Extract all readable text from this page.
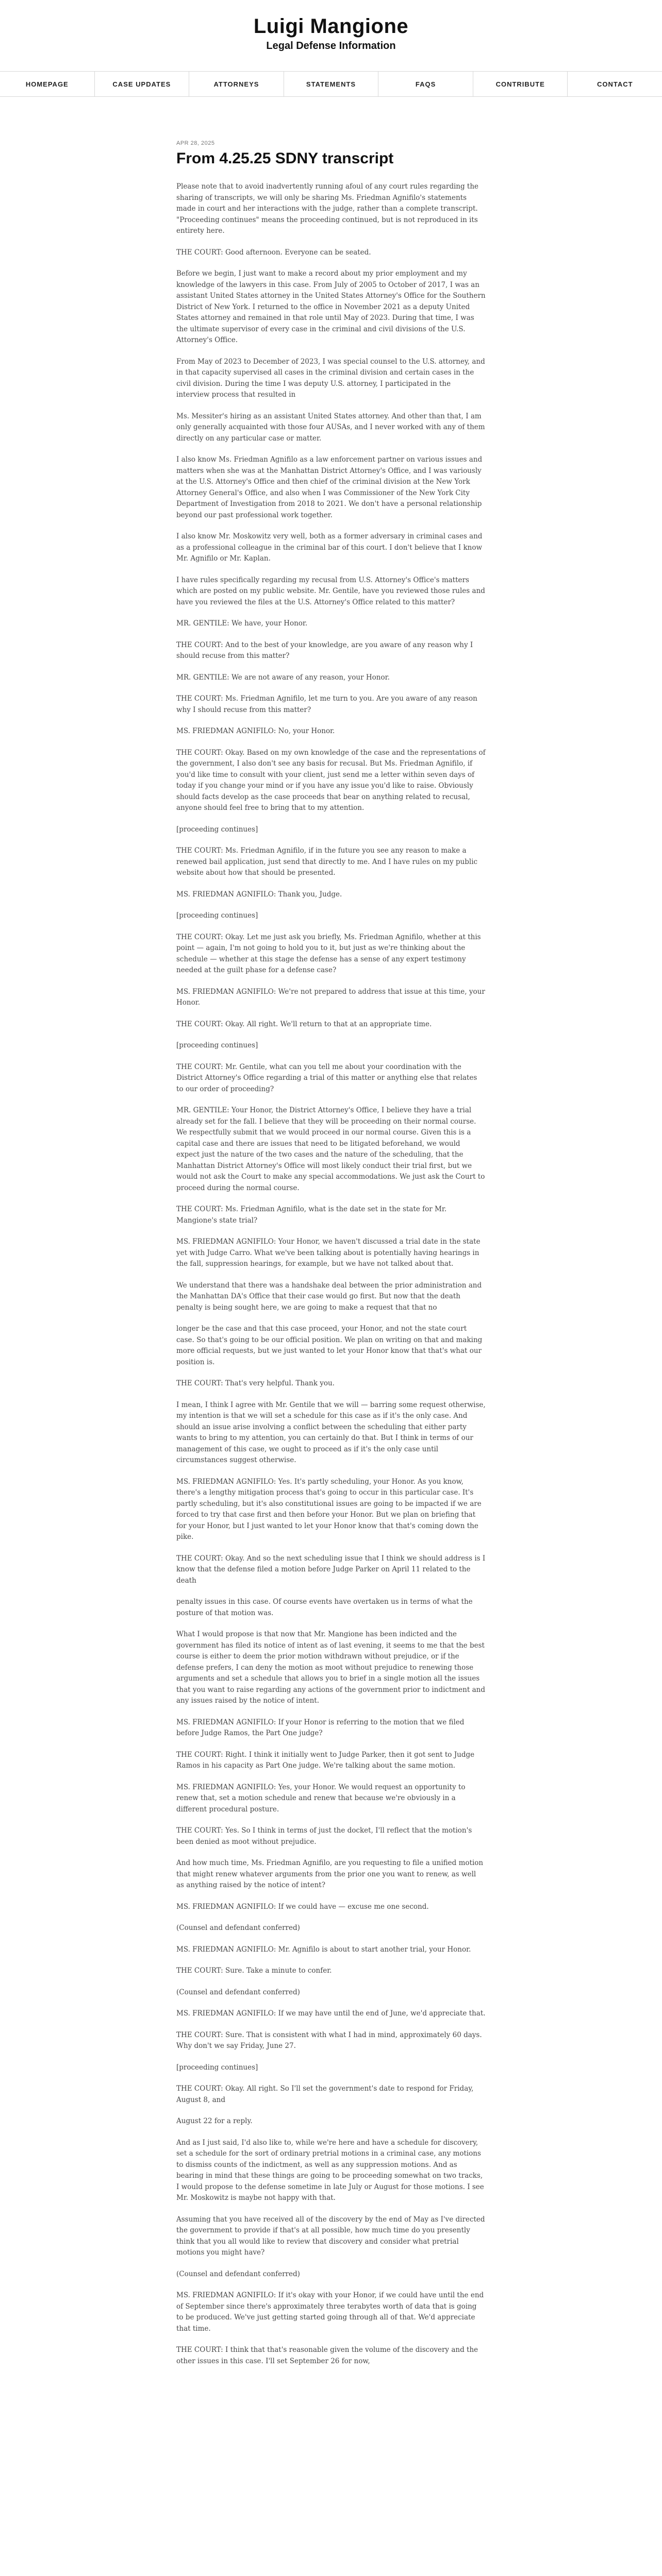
Luigi Mangione
Legal Defense Information
HOMEPAGE	CASE UPDATES	ATTORNEYS	STATEMENTS	FAQS	CONTRIBUTE	CONTACT
APR 28, 2025
From 4.25.25 SDNY transcript

Please note that to avoid inadvertently running afoul of any court rules regarding the sharing of transcripts, we will only be sharing Ms. Friedman Agnifilo's statements made in court and her interactions with the judge, rather than a complete transcript. "Proceeding continues" means the proceeding continued, but is not reproduced in its entirety here.

THE COURT: Good afternoon. Everyone can be seated.

Before we begin, I just want to make a record about my prior employment and my knowledge of the lawyers in this case. From July of 2005 to October of 2017, I was an assistant United States attorney in the United States Attorney's Office for the Southern District of New York. I returned to the office in November 2021 as a deputy United States attorney and remained in that role until May of 2023. During that time, I was the ultimate supervisor of every case in the criminal and civil divisions of the U.S. Attorney's Office.

From May of 2023 to December of 2023, I was special counsel to the U.S. attorney, and in that capacity supervised all cases in the criminal division and certain cases in the civil division. During the time I was deputy U.S. attorney, I participated in the interview process that resulted in

Ms. Messiter's hiring as an assistant United States attorney. And other than that, I am only generally acquainted with those four AUSAs, and I never worked with any of them directly on any particular case or matter.

I also know Ms. Friedman Agnifilo as a law enforcement partner on various issues and matters when she was at the Manhattan District Attorney's Office, and I was variously at the U.S. Attorney's Office and then chief of the criminal division at the New York Attorney General's Office, and also when I was Commissioner of the New York City Department of Investigation from 2018 to 2021. We don't have a personal relationship beyond our past professional work together.

I also know Mr. Moskowitz very well, both as a former adversary in criminal cases and as a professional colleague in the criminal bar of this court. I don't believe that I know Mr. Agnifilo or Mr. Kaplan.

I have rules specifically regarding my recusal from U.S. Attorney's Office's matters which are posted on my public website. Mr. Gentile, have you reviewed those rules and have you reviewed the files at the U.S. Attorney's Office related to this matter?

MR. GENTILE: We have, your Honor.

THE COURT: And to the best of your knowledge, are you aware of any reason why I should recuse from this matter?

MR. GENTILE: We are not aware of any reason, your Honor.

THE COURT: Ms. Friedman Agnifilo, let me turn to you. Are you aware of any reason why I should recuse from this matter?

MS. FRIEDMAN AGNIFILO: No, your Honor.

THE COURT: Okay. Based on my own knowledge of the case and the representations of the government, I also don't see any basis for recusal. But Ms. Friedman Agnifilo, if you'd like time to consult with your client, just send me a letter within seven days of today if you change your mind or if you have any issue you'd like to raise. Obviously should facts develop as the case proceeds that bear on anything related to recusal, anyone should feel free to bring that to my attention.

[proceeding continues]

THE COURT: Ms. Friedman Agnifilo, if in the future you see any reason to make a renewed bail application, just send that directly to me. And I have rules on my public website about how that should be presented.

MS. FRIEDMAN AGNIFILO: Thank you, Judge.

[proceeding continues]

THE COURT: Okay. Let me just ask you briefly, Ms. Friedman Agnifilo, whether at this point — again, I'm not going to hold you to it, but just as we're thinking about the schedule — whether at this stage the defense has a sense of any expert testimony needed at the guilt phase for a defense case?

MS. FRIEDMAN AGNIFILO: We're not prepared to address that issue at this time, your Honor.

THE COURT: Okay. All right. We'll return to that at an appropriate time.

[proceeding continues]

THE COURT: Mr. Gentile, what can you tell me about your coordination with the District Attorney's Office regarding a trial of this matter or anything else that relates to our order of proceeding?

MR. GENTILE: Your Honor, the District Attorney's Office, I believe they have a trial already set for the fall. I believe that they will be proceeding on their normal course. We respectfully submit that we would proceed in our normal course. Given this is a capital case and there are issues that need to be litigated beforehand, we would expect just the nature of the two cases and the nature of the scheduling, that the Manhattan District Attorney's Office will most likely conduct their trial first, but we would not ask the Court to make any special accommodations. We just ask the Court to proceed during the normal course.

THE COURT: Ms. Friedman Agnifilo, what is the date set in the state for Mr. Mangione's state trial?

MS. FRIEDMAN AGNIFILO: Your Honor, we haven't discussed a trial date in the state yet with Judge Carro. What we've been talking about is potentially having hearings in the fall, suppression hearings, for example, but we have not talked about that.

We understand that there was a handshake deal between the prior administration and the Manhattan DA's Office that their case would go first. But now that the death penalty is being sought here, we are going to make a request that that no

longer be the case and that this case proceed, your Honor, and not the state court case. So that's going to be our official position. We plan on writing on that and making more official requests, but we just wanted to let your Honor know that that's what our position is.

THE COURT: That's very helpful. Thank you.

I mean, I think I agree with Mr. Gentile that we will — barring some request otherwise, my intention is that we will set a schedule for this case as if it's the only case. And should an issue arise involving a conflict between the scheduling that either party wants to bring to my attention, you can certainly do that. But I think in terms of our management of this case, we ought to proceed as if it's the only case until circumstances suggest otherwise.

MS. FRIEDMAN AGNIFILO: Yes. It's partly scheduling, your Honor. As you know, there's a lengthy mitigation process that's going to occur in this particular case. It's partly scheduling, but it's also constitutional issues are going to be impacted if we are forced to try that case first and then before your Honor. But we plan on briefing that for your Honor, but I just wanted to let your Honor know that that's coming down the pike.

THE COURT: Okay. And so the next scheduling issue that I think we should address is I know that the defense filed a motion before Judge Parker on April 11 related to the death

penalty issues in this case. Of course events have overtaken us in terms of what the posture of that motion was.

What I would propose is that now that Mr. Mangione has been indicted and the government has filed its notice of intent as of last evening, it seems to me that the best course is either to deem the prior motion withdrawn without prejudice, or if the defense prefers, I can deny the motion as moot without prejudice to renewing those arguments and set a schedule that allows you to brief in a single motion all the issues that you want to raise regarding any actions of the government prior to indictment and any issues raised by the notice of intent.

MS. FRIEDMAN AGNIFILO: If your Honor is referring to the motion that we filed before Judge Ramos, the Part One judge?

THE COURT: Right. I think it initially went to Judge Parker, then it got sent to Judge Ramos in his capacity as Part One judge. We're talking about the same motion.

MS. FRIEDMAN AGNIFILO: Yes, your Honor. We would request an opportunity to renew that, set a motion schedule and renew that because we're obviously in a different procedural posture.

THE COURT: Yes. So I think in terms of just the docket, I'll reflect that the motion's been denied as moot without prejudice.

And how much time, Ms. Friedman Agnifilo, are you requesting to file a unified motion that might renew whatever arguments from the prior one you want to renew, as well as anything raised by the notice of intent?

MS. FRIEDMAN AGNIFILO: If we could have — excuse me one second.

(Counsel and defendant conferred)

MS. FRIEDMAN AGNIFILO: Mr. Agnifilo is about to start another trial, your Honor.

THE COURT: Sure. Take a minute to confer.

(Counsel and defendant conferred)

MS. FRIEDMAN AGNIFILO: If we may have until the end of June, we'd appreciate that.

THE COURT: Sure. That is consistent with what I had in mind, approximately 60 days. Why don't we say Friday, June 27.

[proceeding continues]

THE COURT: Okay. All right. So I'll set the government's date to respond for Friday, August 8, and

August 22 for a reply.

And as I just said, I'd also like to, while we're here and have a schedule for discovery, set a schedule for the sort of ordinary pretrial motions in a criminal case, any motions to dismiss counts of the indictment, as well as any suppression motions. And as bearing in mind that these things are going to be proceeding somewhat on two tracks, I would propose to the defense sometime in late July or August for those motions. I see Mr. Moskowitz is maybe not happy with that.

Assuming that you have received all of the discovery by the end of May as I've directed the government to provide if that's at all possible, how much time do you presently think that you all would like to review that discovery and consider what pretrial motions you might have?

(Counsel and defendant conferred)

MS. FRIEDMAN AGNIFILO: If it's okay with your Honor, if we could have until the end of September since there's approximately three terabytes worth of data that is going to be produced. We've just getting started going through all of that. We'd appreciate that time.

THE COURT: I think that that's reasonable given the volume of the discovery and the other issues in this case. I'll set September 26 for now,
